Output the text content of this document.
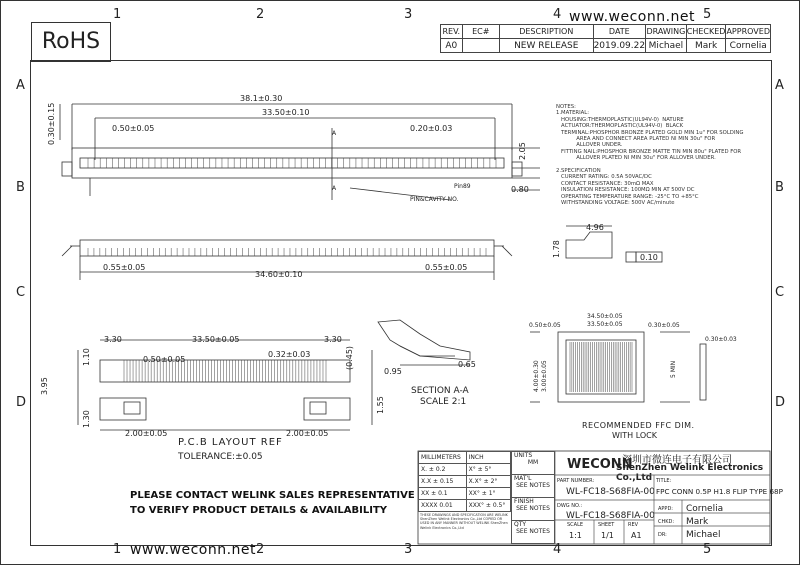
1	2	3	4	5
1	2	3	4	5
A
B
C
D
A
B
C
D
RoHS
www.weconn.net
www.weconn.net
REV.	EC#	DESCRIPTION	DATE	DRAWING	CHECKED	APPROVED
A0		NEW RELEASE	2019.09.22	Michael	Mark	Cornelia
NOTES:
1.MATERIAL:
HOUSING:THERMOPLASTIC(UL94V-0)  NATURE
ACTUATOR:THERMOPLASTIC(UL94V-0)  BLACK
TERMINAL:PHOSPHOR BRONZE PLATED GOLD MIN 1u" FOR SOLDING
AREA AND CONNECT AREA PLATED NI MIN 30u" FOR
ALLOVER UNDER.
FITTING NAIL:PHOSPHOR BRONZE MATTE TIN MIN 80u" PLATED FOR
ALLOVER PLATED NI MIN 30u" FOR ALLOVER UNDER.

2.SPECIFICATION
CURRENT RATING: 0.5A 50VAC/DC
CONTACT RESISTANCE: 30mΩ MAX
INSULATION RESISTANCE: 100MΩ MIN AT 500V DC
OPERATING TEMPERATURE RANGE: -25°C TO +85°C
WITHSTANDING VOLTAGE: 500V AC/minute
38.1±0.30
33.50±0.10
0.50±0.05	0.20±0.03
0.30±0.15
2.05
0.80
Pin89
PIN&CAVITY NO.
A
A
0.55±0.05	0.55±0.05
34.60±0.10
4.96
1.78	0.10
3.30	33.50±0.05	3.30
0.50±0.05
0.32±0.03
1.10
3.95
1.30
(0.45)
1.55
2.00±0.05	2.00±0.05
P.C.B LAYOUT REF
TOLERANCE:±0.05
0.95
0.65
SECTION A-A
SCALE 2:1
34.50±0.05
33.50±0.05
0.50±0.05	0.30±0.05
0.30±0.03
4.00±0.30 3.00±0.05	5 MIN
RECOMMENDED FFC DIM.
WITH LOCK
MILLIMETERS	INCH
X. ± 0.2	X° ± 5°
X.X ± 0.15	X.X° ± 2°
XX ± 0.1	XX° ± 1°
XXXX 0.01	XXX° ± 0.5°
THESE DRAWINGS AND SPECIFICATION ARE WELINK ShenZhen Welink Electronics Co.,Ltd COPIED OR USED IN ANY MANNER WITHOUT WELINK ShenZhen Welink Electronics Co.,Ltd
UNITS
MM

MAT'L
SEE NOTES

FINISH
SEE NOTES

QTY
SEE NOTES
WECONN
深圳市微连电子有限公司
ShenZhen Welink Electronics Co.,Ltd
PART NUMBER:
WL-FC18-S68FIA-00
DWG NO.:
WL-FC18-S68FIA-00
TITLE:
FPC CONN 0.5P H1.8 FLIP TYPE 68P
APPD: Cornelia
CHKD: Mark
DR: Michael
SCALE
1:1
SHEET
1/1
REV
A1
PLEASE CONTACT WELINK SALES REPRESENTATIVE
TO VERIFY PRODUCT DETAILS & AVAILABILITY
